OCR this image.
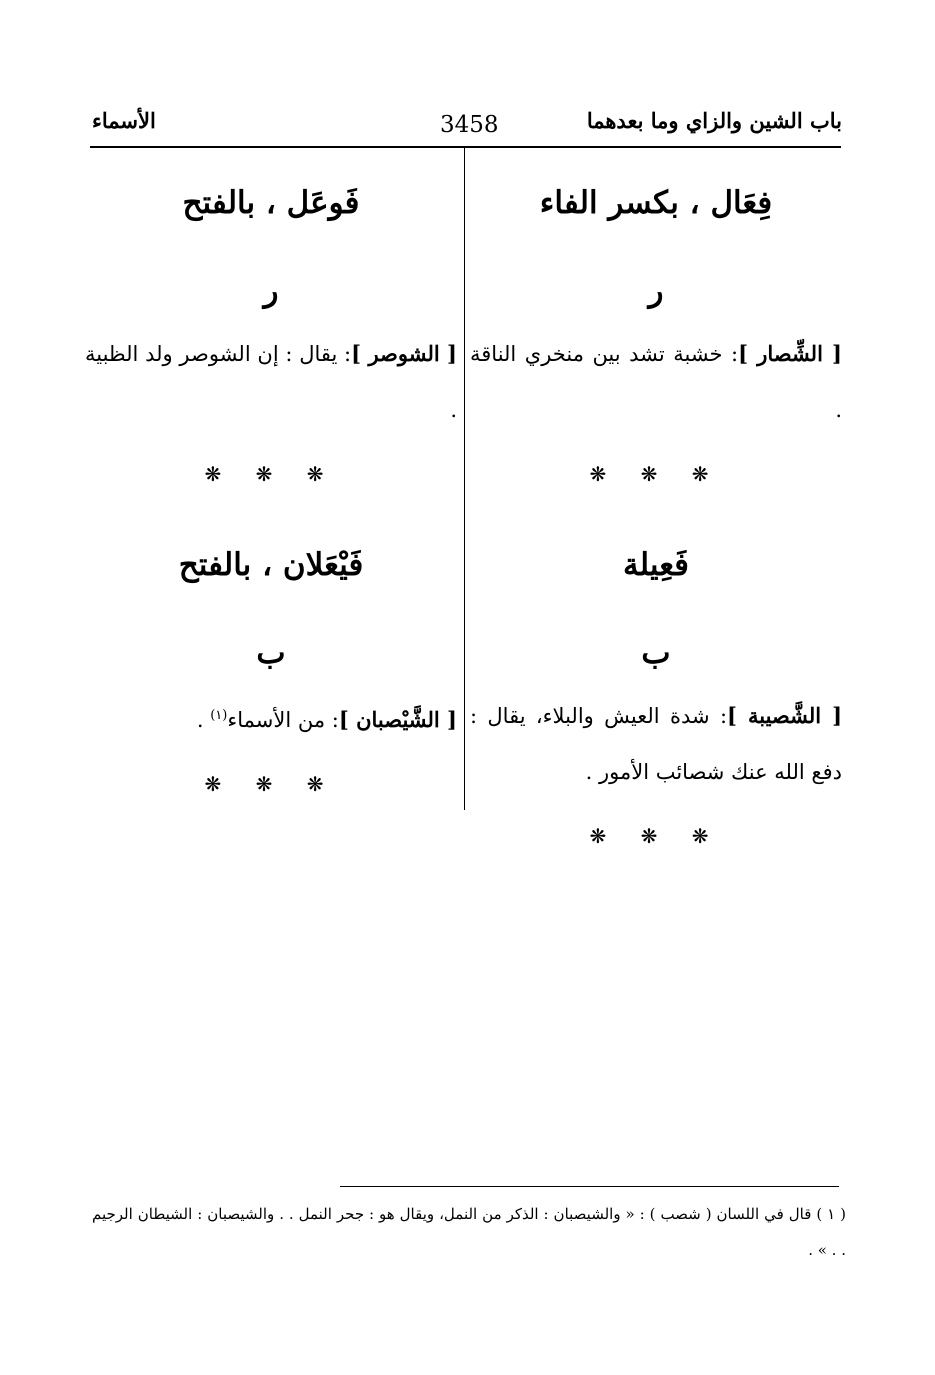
باب الشين والزاي وما بعدهما
3458
الأسماء
فِعَال ، بكسر الفاء
ر
[ الشِّصار ]: خشبة تشد بين منخري الناقة .
❋ ❋ ❋
فَعِيلة
ب
[ الشَّصيبة ]: شدة العيش والبلاء، يقال : دفع الله عنك شصائب الأمور .
❋ ❋ ❋
فَوعَل ، بالفتح
ر
[ الشوصر ]: يقال : إن الشوصر ولد الظبية .
❋ ❋ ❋
فَيْعَلان ، بالفتح
ب
[ الشَّيْصبان ]: من الأسماء$^{(١)}$ .
❋ ❋ ❋
( ١ ) قال في اللسان ( شصب ) : « والشيصبان : الذكر من النمل، ويقال هو : جحر النمل . . والشيصبان : الشيطان الرجيم . . » .
